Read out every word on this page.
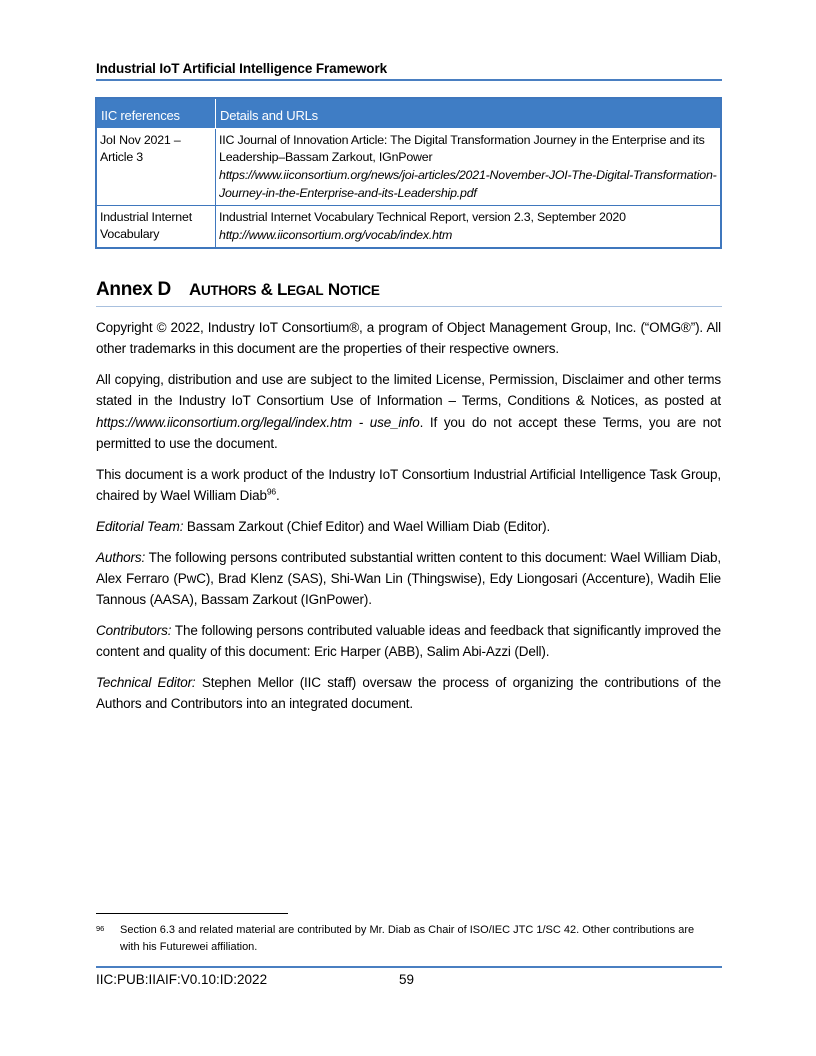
Industrial IoT Artificial Intelligence Framework
IIC references	Details and URLs
JoI Nov 2021 – Article 3	IIC Journal of Innovation Article: The Digital Transformation Journey in the Enterprise and its Leadership–Bassam Zarkout, IGnPower
https://www.iiconsortium.org/news/joi-articles/2021-November-JOI-The-Digital-Transformation-Journey-in-the-Enterprise-and-its-Leadership.pdf

Industrial Internet Vocabulary	Industrial Internet Vocabulary Technical Report, version 2.3, September 2020
http://www.iiconsortium.org/vocab/index.htm
Annex D AUTHORS & LEGAL NOTICE

Copyright © 2022, Industry IoT Consortium®, a program of Object Management Group, Inc. (“OMG®”). All other trademarks in this document are the properties of their respective owners.

All copying, distribution and use are subject to the limited License, Permission, Disclaimer and other terms stated in the Industry IoT Consortium Use of Information – Terms, Conditions & Notices, as posted at https://www.iiconsortium.org/legal/index.htm - use_info. If you do not accept these Terms, you are not permitted to use the document.

This document is a work product of the Industry IoT Consortium Industrial Artificial Intelligence Task Group, chaired by Wael William Diab$^{96}$.

Editorial Team: Bassam Zarkout (Chief Editor) and Wael William Diab (Editor).

Authors: The following persons contributed substantial written content to this document: Wael William Diab, Alex Ferraro (PwC), Brad Klenz (SAS), Shi-Wan Lin (Thingswise), Edy Liongosari (Accenture), Wadih Elie Tannous (AASA), Bassam Zarkout (IGnPower).

Contributors: The following persons contributed valuable ideas and feedback that significantly improved the content and quality of this document: Eric Harper (ABB), Salim Abi-Azzi (Dell).

Technical Editor: Stephen Mellor (IIC staff) oversaw the process of organizing the contributions of the Authors and Contributors into an integrated document.

96 Section 6.3 and related material are contributed by Mr. Diab as Chair of ISO/IEC JTC 1/SC 42. Other contributions are with his Futurewei affiliation.
IIC:PUB:IIAIF:V0.10:ID:2022	59
